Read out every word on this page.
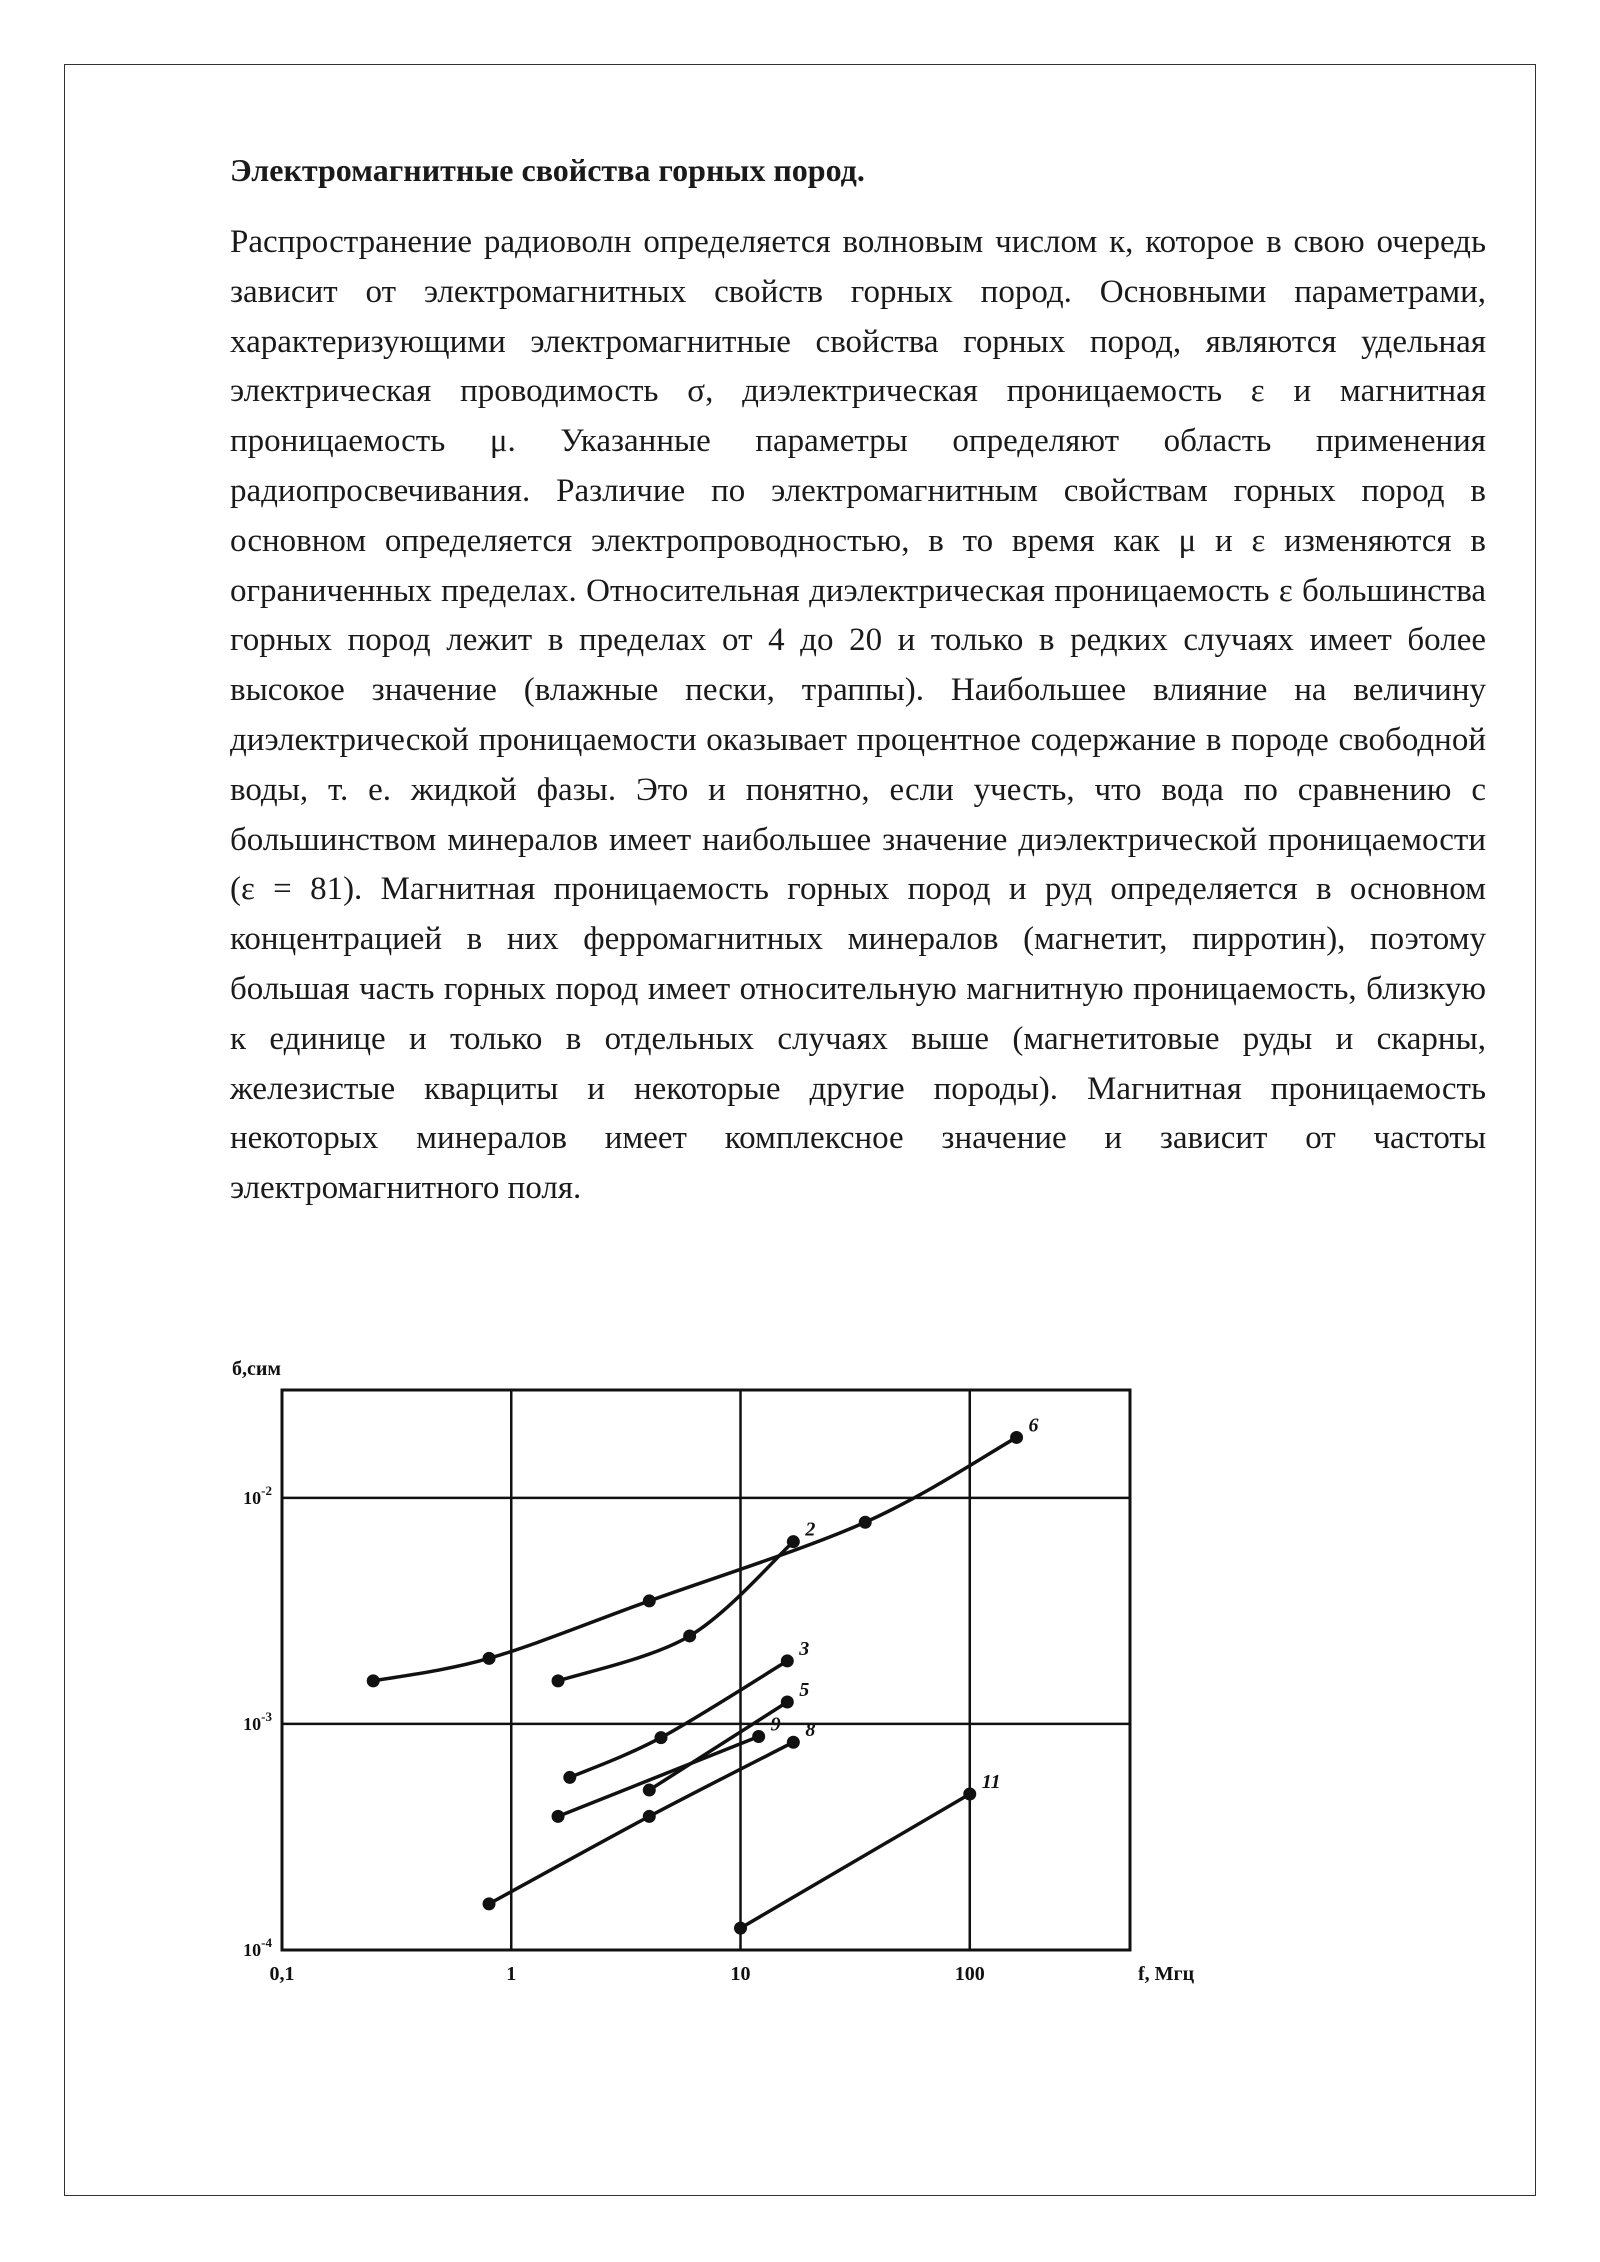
Электромагнитные свойства горных пород.

Распространение радиоволн определяется волновым числом к, которое в свою очередь зависит от электромагнитных свойств горных пород. Основными параметрами, характеризующими электромагнитные свойства горных пород, являются удельная электрическая проводимость σ, диэлектрическая проницаемость ε и магнитная проницаемость μ. Указанные параметры определяют область применения радиопросвечивания. Различие по электромагнитным свойствам горных пород в основном определяется электропроводностью, в то время как μ и ε изменяются в ограниченных пределах. Относительная диэлектрическая проницаемость ε большинства горных пород лежит в пределах от 4 до 20 и только в редких случаях имеет более высокое значение (влажные пески, траппы). Наибольшее влияние на величину диэлектрической проницаемости оказывает процентное содержание в породе свободной воды, т. е. жидкой фазы. Это и понятно, если учесть, что вода по сравнению с большинством минералов имеет наибольшее значение диэлектрической проницаемости (ε = 81). Магнитная проницаемость горных пород и руд определяется в основном концентрацией в них ферромагнитных минералов (магнетит, пирротин), поэтому большая часть горных пород имеет относительную магнитную проницаемость, близкую к единице и только в отдельных случаях выше (магнетитовые руды и скарны, железистые кварциты и некоторые другие породы). Магнитная проницаемость некоторых минералов имеет комплексное значение и зависит от частоты электромагнитного поля.

0,1	1	10	100
$10^{-4}$
$10^{-3}$
$10^{-2}$
б,сим
f, Мгц
6
2
3
5
9 8
11
